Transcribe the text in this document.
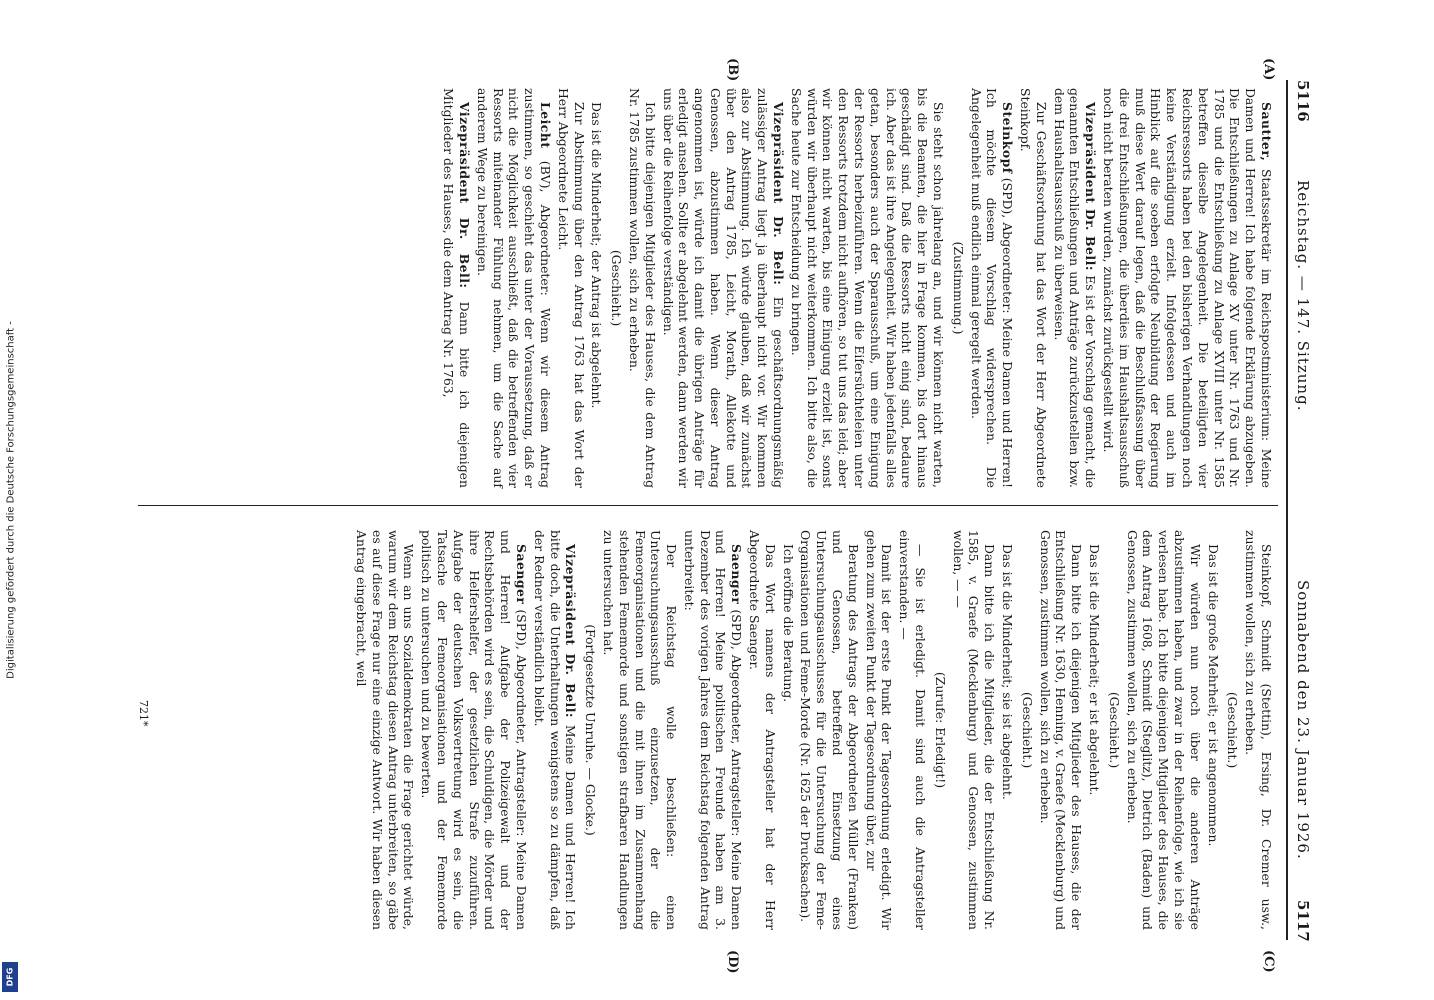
Digitalisierung gefördert durch die Deutsche Forschungsgemeinschaft -
DFG
5116
Reichstag. — 147. Sitzung.
Sonnabend den 23. Januar 1926.
5117
(A)
(B)
(C)
(D)

Sautter, Staatssekretär im Reichspostministerium: Meine Damen und Herren! Ich habe folgende Erklärung abzugeben. Die Entschließungen zu Anlage XV unter Nr. 1763 und Nr. 1785 und die Entschließung zu Anlage XVIII unter Nr. 1585 betreffen dieselbe Angelegenheit. Die beteiligten vier Reichsressorts haben bei den bisherigen Verhandlungen noch keine Verständigung erzielt. Infolgedessen und auch im Hinblick auf die soeben erfolgte Neubildung der Regierung muß diese Wert darauf legen, daß die Beschlußfassung über die drei Entschließungen, die überdies im Haushaltsausschuß noch nicht beraten wurden, zunächst zurückgestellt wird.

Vizepräsident Dr. Bell: Es ist der Vorschlag gemacht, die genannten Entschließungen und Anträge zurückzustellen bzw. dem Haushaltsausschuß zu überweisen.

Zur Geschäftsordnung hat das Wort der Herr Abgeordnete Steinkopf.

Steinkopf (SPD), Abgeordneter: Meine Damen und Herren! Ich möchte diesem Vorschlag widersprechen. Die Angelegenheit muß endlich einmal geregelt werden.

(Zustimmung.)

Sie steht schon jahrelang an, und wir können nicht warten, bis die Beamten, die hier in Frage kommen, bis dort hinaus geschädigt sind. Daß die Ressorts nicht einig sind, bedaure ich. Aber das ist ihre Angelegenheit. Wir haben jedenfalls alles getan, besonders auch der Sparausschuß, um eine Einigung der Ressorts herbeizuführen. Wenn die Eifersüchteleien unter den Ressorts trotzdem nicht aufhören, so tut uns das leid; aber wir können nicht warten, bis eine Einigung erzielt ist, sonst würden wir überhaupt nicht weiterkommen. Ich bitte also, die Sache heute zur Entscheidung zu bringen.

Vizepräsident Dr. Bell: Ein geschäftsordnungsmäßig zulässiger Antrag liegt ja überhaupt nicht vor. Wir kommen also zur Abstimmung. Ich würde glauben, daß wir zunächst über den Antrag 1785, Leicht, Morath, Allekotte und Genossen, abzustimmen haben. Wenn dieser Antrag angenommen ist, würde ich damit die übrigen Anträge für erledigt ansehen. Sollte er abgelehnt werden, dann werden wir uns über die Reihenfolge verständigen.

Ich bitte diejenigen Mitglieder des Hauses, die dem Antrag Nr. 1785 zustimmen wollen, sich zu erheben.

(Geschieht.)

Das ist die Minderheit; der Antrag ist abgelehnt.

Zur Abstimmung über den Antrag 1763 hat das Wort der Herr Abgeordnete Leicht.

Leicht (BV), Abgeordneter: Wenn wir diesem Antrag zustimmen, so geschieht das unter der Voraussetzung, daß er nicht die Möglichkeit ausschließt, daß die betreffenden vier Ressorts miteinander Fühlung nehmen, um die Sache auf anderem Wege zu bereinigen.

Vizepräsident Dr. Bell: Dann bitte ich diejenigen Mitglieder des Hauses, die dem Antrag Nr. 1763,

Steinkopf, Schmidt (Stettin), Ersing, Dr. Cremer usw., zustimmen wollen, sich zu erheben.

(Geschieht.)

Das ist die große Mehrheit; er ist angenommen.

Wir würden nun noch über die anderen Anträge abzustimmen haben, und zwar in der Reihenfolge, wie ich sie verlesen habe. Ich bitte diejenigen Mitglieder des Hauses, die dem Antrag 1608, Schmidt (Steglitz), Dietrich (Baden) und Genossen, zustimmen wollen, sich zu erheben.

(Geschieht.)

Das ist die Minderheit; er ist abgelehnt.

Dann bitte ich diejenigen Mitglieder des Hauses, die der Entschließung Nr. 1630, Henning, v. Graefe (Mecklenburg) und Genossen, zustimmen wollen, sich zu erheben.

(Geschieht.)

Das ist die Minderheit; sie ist abgelehnt.

Dann bitte ich die Mitglieder, die der Entschließung Nr. 1585, v. Graefe (Mecklenburg) und Genossen, zustimmen wollen, — —

(Zurufe: Erledigt!)

— Sie ist erledigt. Damit sind auch die Antragsteller einverstanden. —

Damit ist der erste Punkt der Tagesordnung erledigt. Wir gehen zum zweiten Punkt der Tagesordnung über, zur

Beratung des Antrags der Abgeordneten Müller (Franken) und Genossen, betreffend Einsetzung eines Untersuchungsausschusses für die Untersuchung der Feme-Organisationen und Feme-Morde (Nr. 1625 der Drucksachen).

Ich eröffne die Beratung.

Das Wort namens der Antragsteller hat der Herr Abgeordnete Saenger.

Saenger (SPD), Abgeordneter, Antragsteller: Meine Damen und Herren! Meine politischen Freunde haben am 3. Dezember des vorigen Jahres dem Reichstag folgenden Antrag unterbreitet:

Der Reichstag wolle beschließen: einen Untersuchungsausschuß einzusetzen, der die Femeorganisationen und die mit ihnen im Zusammenhang stehenden Fememorde und sonstigen strafbaren Handlungen zu untersuchen hat.

(Fortgesetzte Unruhe. — Glocke.)

Vizepräsident Dr. Bell: Meine Damen und Herren! Ich bitte doch, die Unterhaltungen wenigstens so zu dämpfen, daß der Redner verständlich bleibt.

Saenger (SPD), Abgeordneter, Antragsteller: Meine Damen und Herren! Aufgabe der Polizeigewalt und der Rechtsbehörden wird es sein, die Schuldigen, die Mörder und ihre Helfershelfer, der gesetzlichen Strafe zuzuführen. Aufgabe der deutschen Volksvertretung wird es sein, die Tatsache der Femeorganisationen und der Fememorde politisch zu untersuchen und zu bewerten.

Wenn an uns Sozialdemokraten die Frage gerichtet würde, warum wir dem Reichstag diesen Antrag unterbreiten, so gäbe es auf diese Frage nur eine einzige Antwort. Wir haben diesen Antrag eingebracht, weil

721*
